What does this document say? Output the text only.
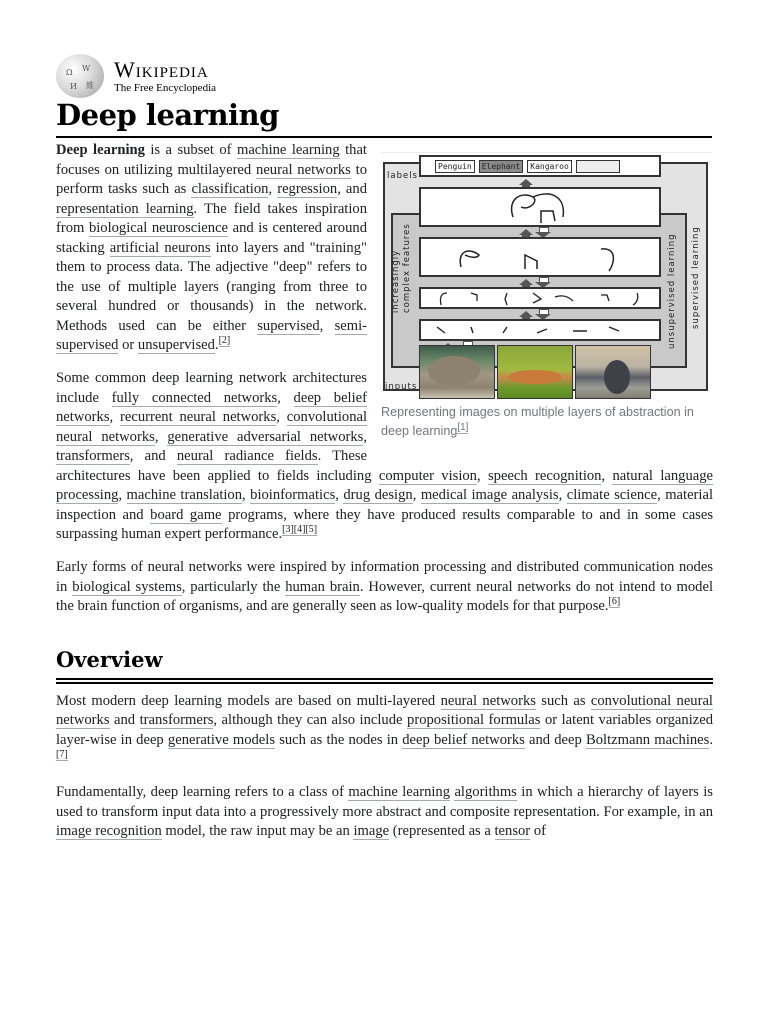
Ω W
И 維
Wikipedia
The Free Encyclopedia
Deep learning
labels
inputs
Penguin	Elephant	Kangaroo
increasingly complex features	unsupervised learning supervised learning
Representing images on multiple layers of abstraction in deep learning[1]

Deep learning is a subset of machine learning that focuses on utilizing multilayered neural networks to perform tasks such as classification, regression, and representation learning. The field takes inspiration from biological neuroscience and is centered around stacking artificial neurons into layers and "training" them to process data. The adjective "deep" refers to the use of multiple layers (ranging from three to several hundred or thousands) in the network. Methods used can be either supervised, semi-supervised or unsupervised.[2]

Some common deep learning network architectures include fully connected networks, deep belief networks, recurrent neural networks, convolutional neural networks, generative adversarial networks, transformers, and neural radiance fields. These architectures have been applied to fields including computer vision, speech recognition, natural language processing, machine translation, bioinformatics, drug design, medical image analysis, climate science, material inspection and board game programs, where they have produced results comparable to and in some cases surpassing human expert performance.[3][4][5]

Early forms of neural networks were inspired by information processing and distributed communication nodes in biological systems, particularly the human brain. However, current neural networks do not intend to model the brain function of organisms, and are generally seen as low-quality models for that purpose.[6]

Overview

Most modern deep learning models are based on multi-layered neural networks such as convolutional neural networks and transformers, although they can also include propositional formulas or latent variables organized layer-wise in deep generative models such as the nodes in deep belief networks and deep Boltzmann machines.[7]

Fundamentally, deep learning refers to a class of machine learning algorithms in which a hierarchy of layers is used to transform input data into a progressively more abstract and composite representation. For example, in an image recognition model, the raw input may be an image (represented as a tensor of
